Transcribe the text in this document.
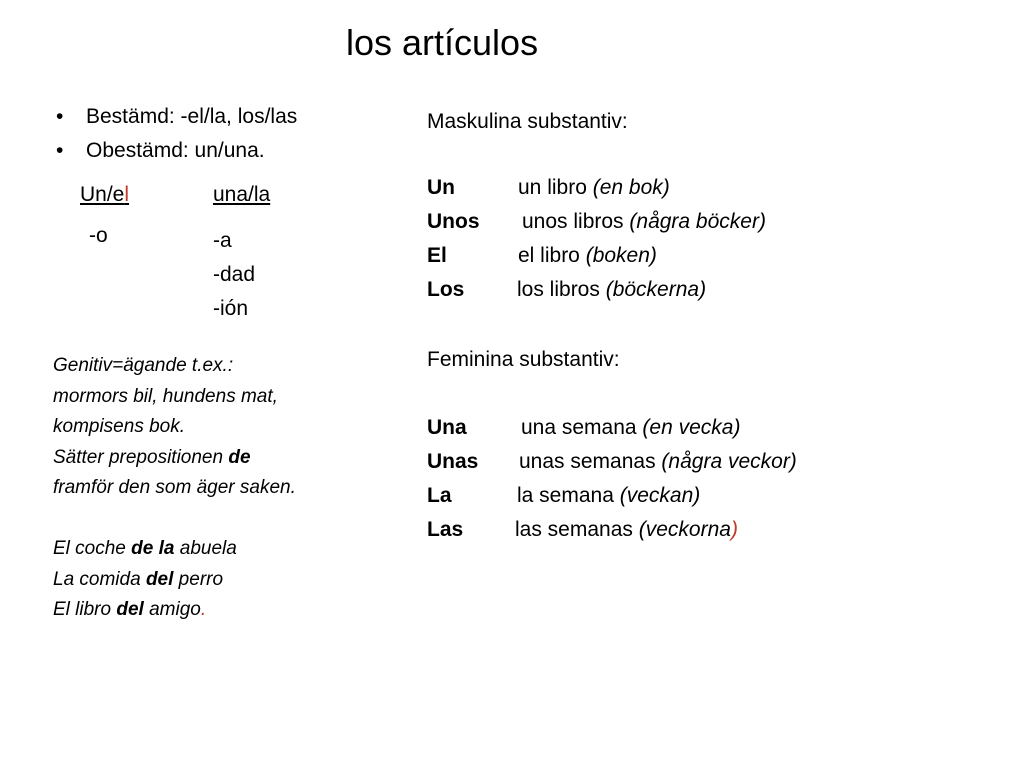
los artículos
• Bestämd: -el/la, los/las
• Obestämd: un/una.
Un/el
-o
una/la
-a
-dad
-ión
Genitiv=ägande t.ex.:
mormors bil, hundens mat,
kompisens bok.
Sätter prepositionen de
framför den som äger saken.
El coche de la abuela
La comida del perro
El libro del amigo.
Maskulina substantiv:
Un	un libro (en bok)
Unos unos libros (några böcker)
El	el libro (boken)
Los	los libros (böckerna)
Feminina substantiv:
Una	una semana (en vecka)
Unas unas semanas (några veckor)
La	la semana (veckan)
Las las semanas (veckorna)
